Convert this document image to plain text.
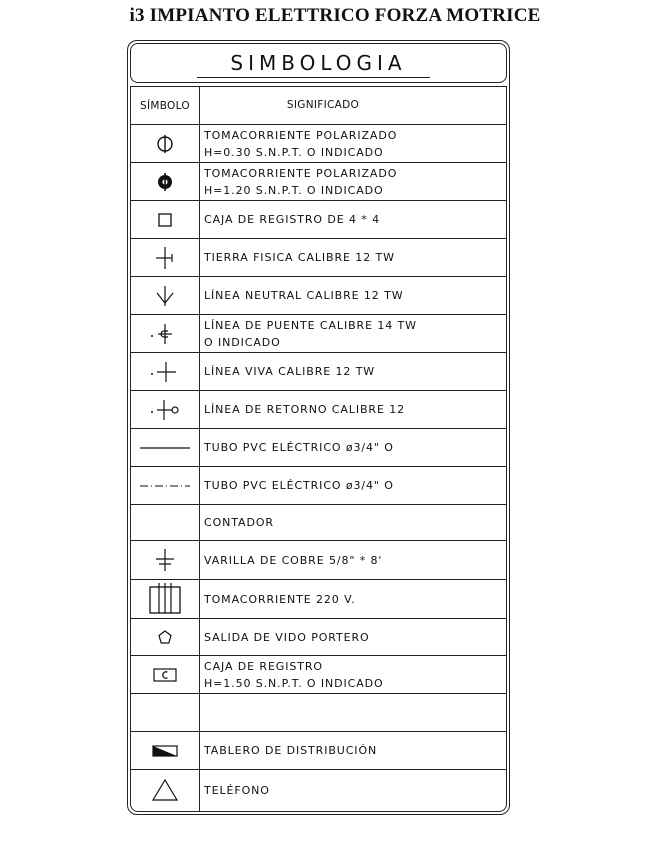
i3 IMPIANTO ELETTRICO FORZA MOTRICE
SIMBOLOGIA
SÍMBOLO	SIGNIFICADO
TOMACORRIENTE POLARIZADO
H=0.30 S.N.P.T. O INDICADO
TOMACORRIENTE POLARIZADO
H=1.20 S.N.P.T. O INDICADO
CAJA DE REGISTRO DE 4 * 4
TIERRA FISICA CALIBRE 12 TW
LÍNEA NEUTRAL CALIBRE 12 TW
LÍNEA DE PUENTE CALIBRE 14 TW
O INDICADO
LÍNEA VIVA CALIBRE 12 TW
LÍNEA DE RETORNO CALIBRE 12
TUBO PVC ELÉCTRICO ø3/4" O
TUBO PVC ELÉCTRICO ø3/4" O
CONTADOR
VARILLA DE COBRE 5/8" * 8'
TOMACORRIENTE 220 V.
SALIDA DE VIDO PORTERO
CAJA DE REGISTRO
H=1.50 S.N.P.T. O INDICADO
TABLERO DE DISTRIBUCIÓN
TELÉFONO
